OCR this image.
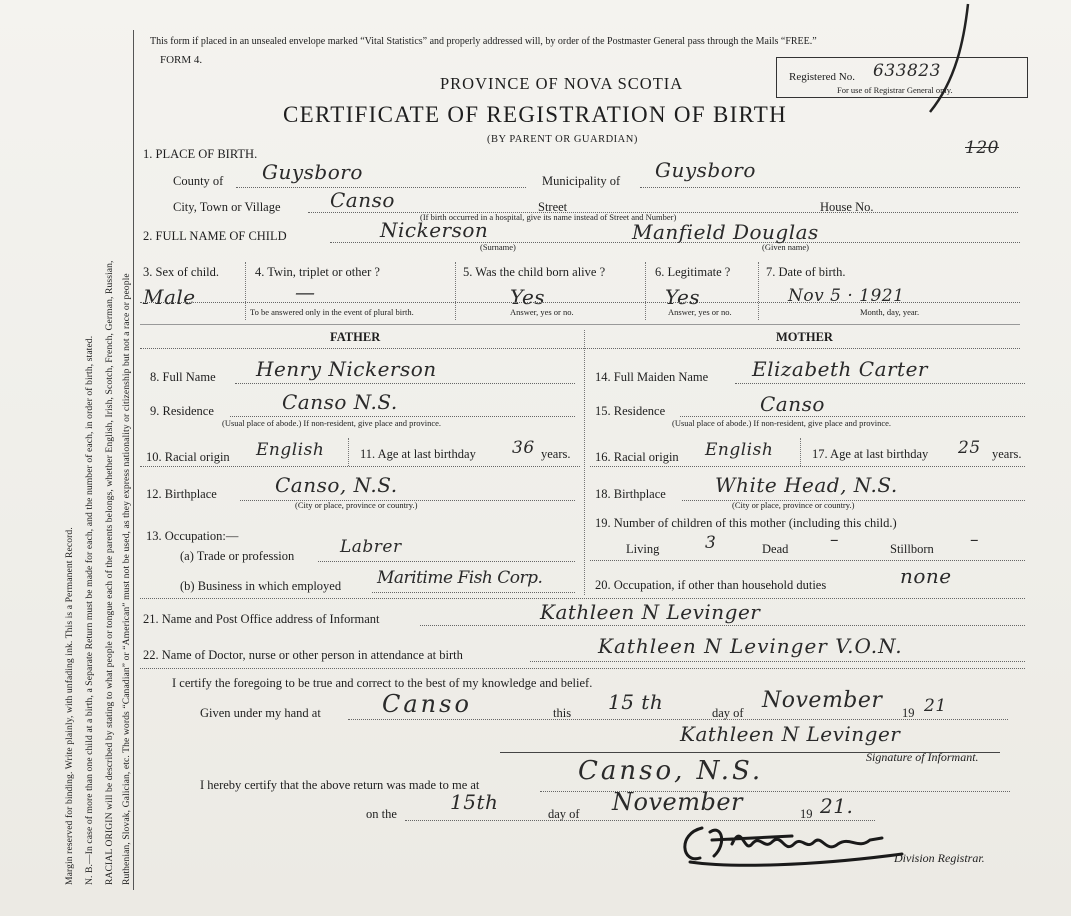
Margin reserved for binding. Write plainly, with unfading ink. This is a Permanent Record. N. B.—In case of more than one child at a birth, a Separate Return must be made for each, and the number of each, in order of birth, stated. RACIAL ORIGIN will be described by stating to what people or tongue each of the parents belongs, whether English, Irish, Scotch, French, German, Russian, Ruthenian, Slovak, Galician, etc. The words “Canadian” or “American” must not be used, as they express nationality or citizenship but not a race or people
This form if placed in an unsealed envelope marked “Vital Statistics” and properly addressed will, by order of the Postmaster General pass through the Mails “FREE.”
FORM 4.
PROVINCE OF NOVA SCOTIA
CERTIFICATE OF REGISTRATION OF BIRTH
(BY PARENT OR GUARDIAN)
Registered No. 633823
For use of Registrar General only.
120
1. PLACE OF BIRTH.
County of Guysboro	Municipality of Guysboro
City, Town or Village Canso	Street	House No.
(If birth occurred in a hospital, give its name instead of Street and Number)
2. FULL NAME OF CHILD	Nickerson
(Surname)
Manfield Douglas
(Given name)
3. Sex of child.
Male
4. Twin, triplet or other ?
—
To be answered only in the event of plural birth.
5. Was the child born alive ?
Yes
Answer, yes or no.
6. Legitimate ?
Yes
Answer, yes or no.
7. Date of birth.
Nov 5 · 1921
Month, day, year.
FATHER	MOTHER
8. Full Name Henry Nickerson
9. Residence	Canso N.S.
(Usual place of abode.) If non-resident, give place and province.
10. Racial origin English	11. Age at last birthday 36 years.
12. Birthplace	Canso, N.S.
(City or place, province or country.)
13. Occupation:—
(a) Trade or profession	Labrer
(b) Business in which employed Maritime Fish Corp.
14. Full Maiden Name Elizabeth Carter
15. Residence	Canso
(Usual place of abode.) If non-resident, give place and province.
16. Racial origin English	17. Age at last birthday 25 years.
18. Birthplace White Head, N.S.
(City or place, province or country.)
19. Number of children of this mother (including this child.)
Living	3	Dead –	Stillborn –
20. Occupation, if other than household duties	none
21. Name and Post Office address of Informant	Kathleen N Levinger
22. Name of Doctor, nurse or other person in attendance at birth	Kathleen N Levinger V.O.N.
I certify the foregoing to be true and correct to the best of my knowledge and belief.
Given under my hand at	Canso	this 15 th	day of November 19 21
Kathleen N Levinger
Signature of Informant.
I hereby certify that the above return was made to me at	Canso, N.S.
on the	15th	day of November	19 21.
C.A. Whitman	Division Registrar.
